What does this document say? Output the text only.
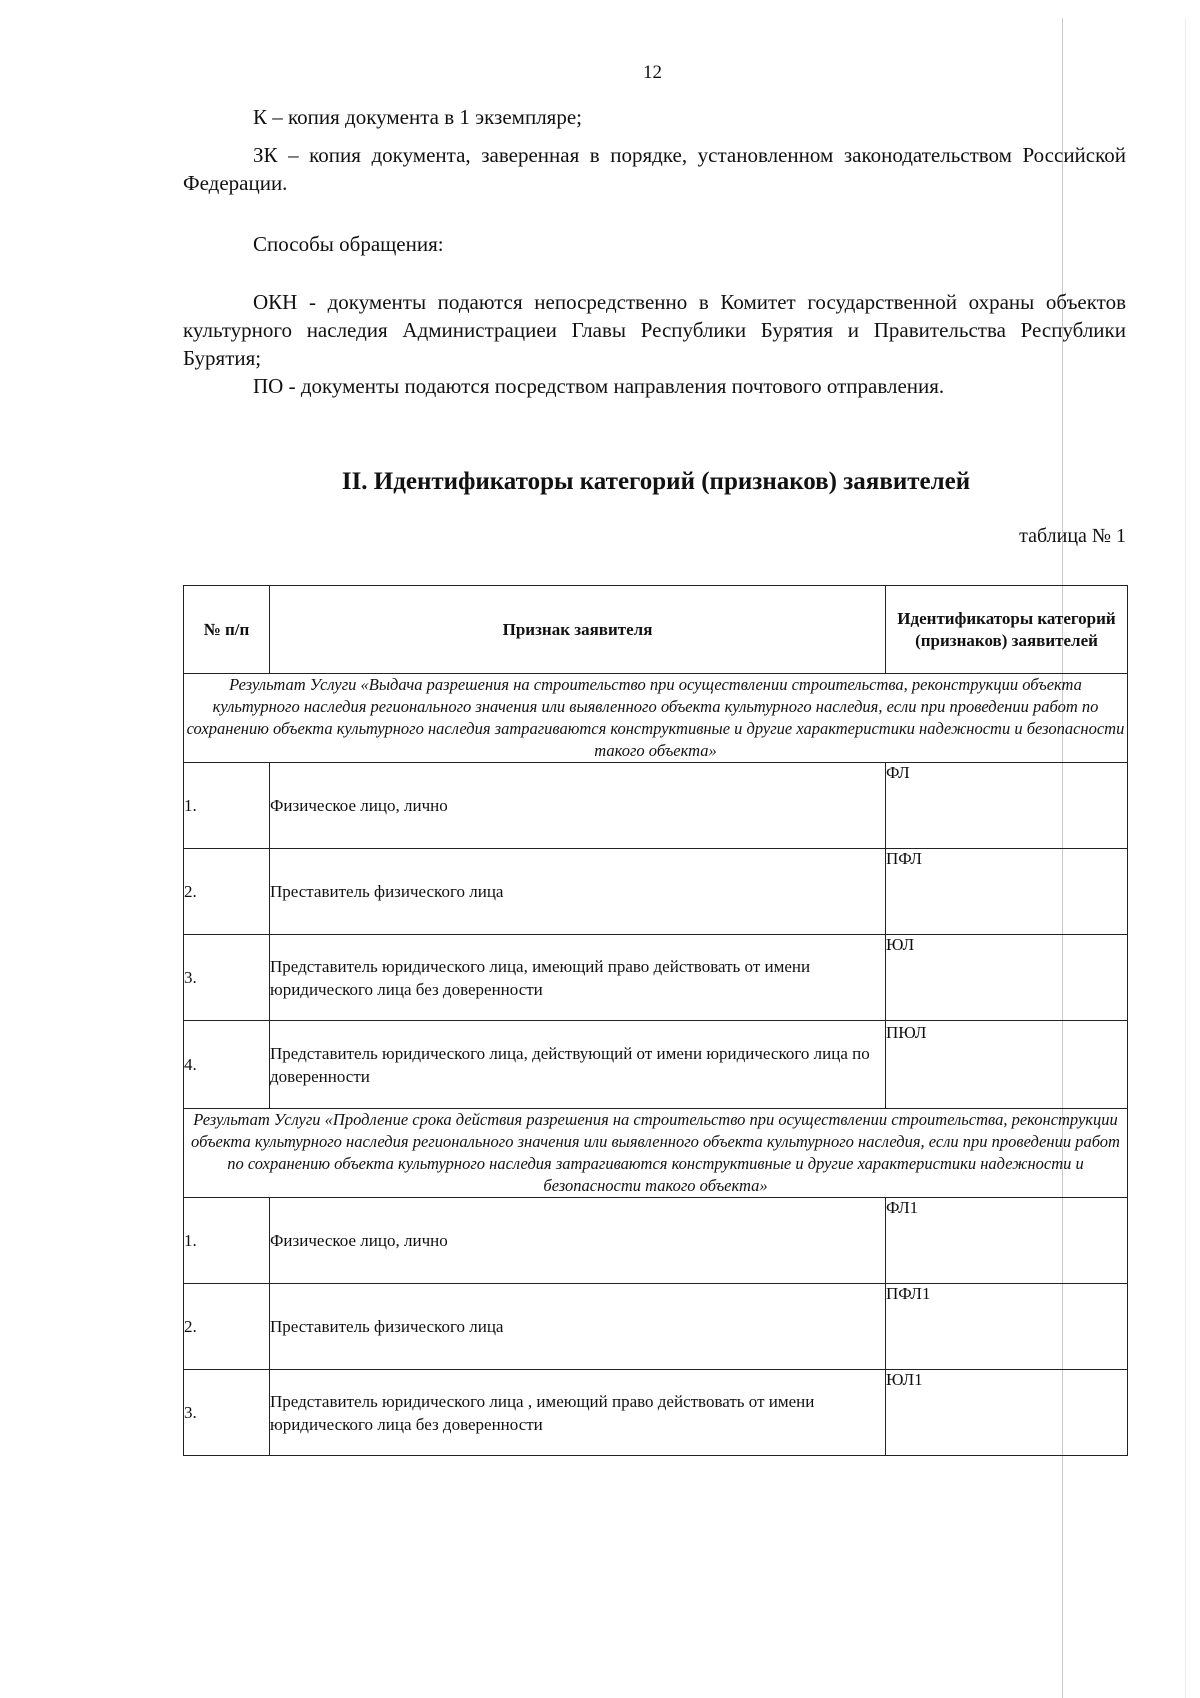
12

К – копия документа в 1 экземпляре;

ЗК – копия документа, заверенная в порядке, установленном законодательством Российской Федерации.

Способы обращения:

ОКН - документы подаются непосредственно в Комитет государственной охраны объектов культурного наследия Администрациеи Главы Республики Бурятия и Правительства Республики Бурятия;

ПО - документы подаются посредством направления почтового отправления.

II. Идентификаторы категорий (признаков) заявителей
таблица № 1
№ п/п	Признак заявителя	Идентификаторы категорий (признаков) заявителей
Результат Услуги «Выдача разрешения на строительство при осуществлении строительства, реконструкции объекта культурного наследия регионального значения или выявленного объекта культурного наследия, если при проведении работ по сохранению объекта культурного наследия затрагиваются конструктивные и другие характеристики надежности и безопасности такого объекта»		
1.	Физическое лицо, лично	ФЛ
2.	Преставитель физического лица	ПФЛ
3.	Представитель юридического лица, имеющий право действовать от имени юридического лица без доверенности	ЮЛ
4.	Представитель юридического лица, действующий от имени юридического лица по доверенности	ПЮЛ
Результат Услуги «Продление срока действия разрешения на строительство при осуществлении строительства, реконструкции объекта культурного наследия регионального значения или выявленного объекта культурного наследия, если при проведении работ по сохранению объекта культурного наследия затрагиваются конструктивные и другие характеристики надежности и безопасности такого объекта»		
1.	Физическое лицо, лично	ФЛ1
2.	Преставитель физического лица	ПФЛ1
3.	Представитель юридического лица , имеющий право действовать от имени юридического лица без доверенности	ЮЛ1
